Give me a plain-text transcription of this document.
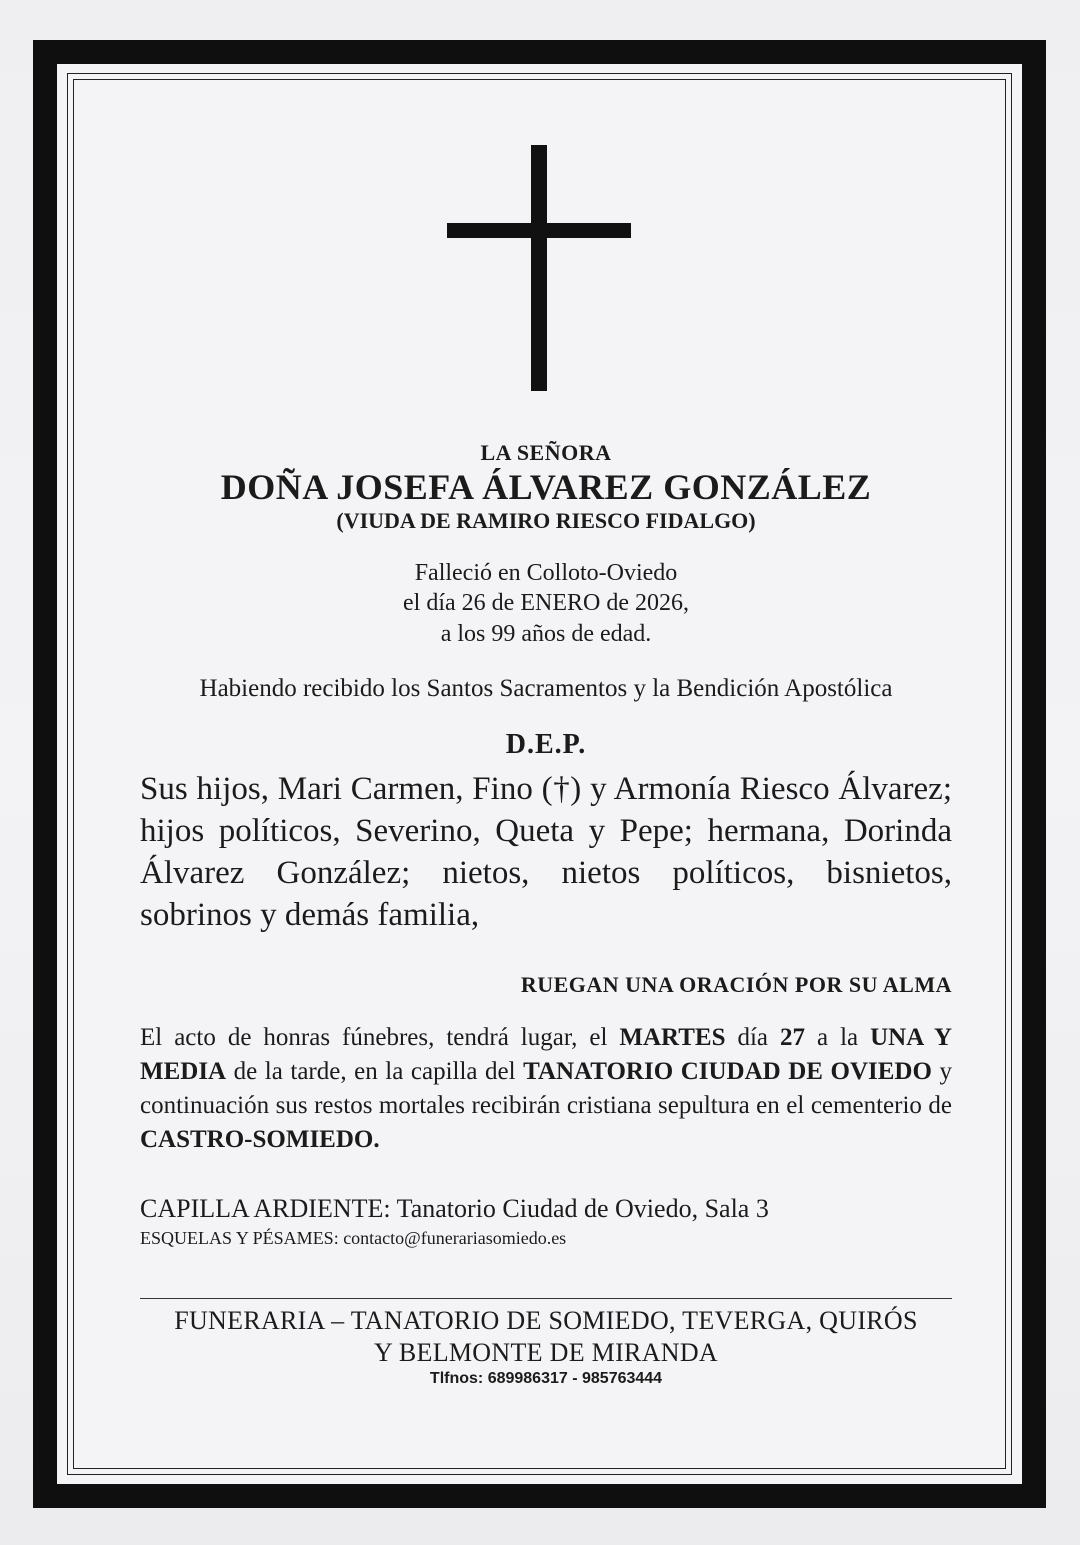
LA SEÑORA
DOÑA JOSEFA ÁLVAREZ GONZÁLEZ
(VIUDA DE RAMIRO RIESCO FIDALGO)
Falleció en Colloto-Oviedo
el día 26 de ENERO de 2026,
a los 99 años de edad.
Habiendo recibido los Santos Sacramentos y la Bendición Apostólica
D.E.P.
Sus hijos, Mari Carmen, Fino (†) y Armonía Riesco Álvarez; hijos políticos, Severino, Queta y Pepe; hermana, Dorinda Álvarez González; nietos, nietos políticos, bisnietos, sobrinos y demás familia,
RUEGAN UNA ORACIÓN POR SU ALMA
El acto de honras fúnebres, tendrá lugar, el MARTES día 27 a la UNA Y MEDIA de la tarde, en la capilla del TANATORIO CIUDAD DE OVIEDO y continuación sus restos mortales recibirán cristiana sepultura en el cementerio de CASTRO-SOMIEDO.
CAPILLA ARDIENTE: Tanatorio Ciudad de Oviedo, Sala 3
ESQUELAS Y PÉSAMES: contacto@funerariasomiedo.es
FUNERARIA – TANATORIO DE SOMIEDO, TEVERGA, QUIRÓS
Y BELMONTE DE MIRANDA
Tlfnos: 689986317 - 985763444
